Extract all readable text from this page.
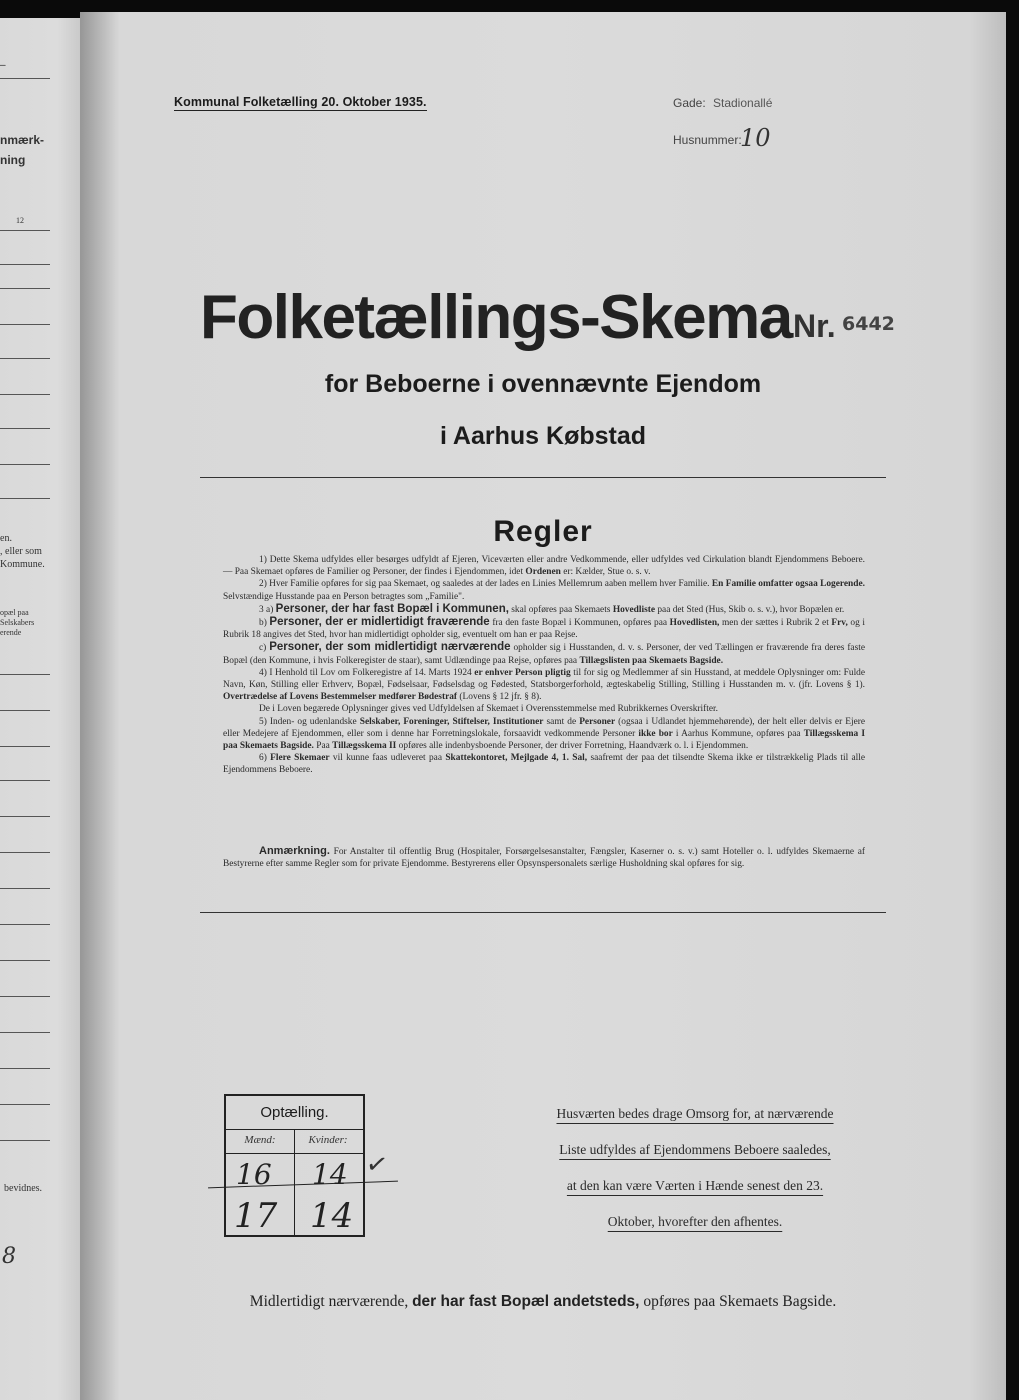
–
nmærk-
ning
12
en.
, eller som
Kommune.
opæl paa
Selskabers
erende
bevidnes.
8
Kommunal Folketælling 20. Oktober 1935.	Gade: Stadionallé
Husnummer:
10
Folketællings-Skema Nr. 6442
for Beboerne i ovennævnte Ejendom
i Aarhus Købstad
Regler

1) Dette Skema udfyldes eller besørges udfyldt af Ejeren, Viceværten eller andre Vedkommende, eller udfyldes ved Cirkulation blandt Ejendommens Beboere. — Paa Skemaet opføres de Familier og Personer, der findes i Ejendommen, idet Ordenen er: Kælder, Stue o. s. v.

2) Hver Familie opføres for sig paa Skemaet, og saaledes at der lades en Linies Mellemrum aaben mellem hver Familie. En Familie omfatter ogsaa Logerende. Selvstændige Husstande paa en Person betragtes som „Familie".

3 a) Personer, der har fast Bopæl i Kommunen, skal opføres paa Skemaets Hovedliste paa det Sted (Hus, Skib o. s. v.), hvor Bopælen er.

b) Personer, der er midlertidigt fraværende fra den faste Bopæl i Kommunen, opføres paa Hovedlisten, men der sættes i Rubrik 2 et Frv, og i Rubrik 18 angives det Sted, hvor han midlertidigt opholder sig, eventuelt om han er paa Rejse.

c) Personer, der som midlertidigt nærværende opholder sig i Husstanden, d. v. s. Personer, der ved Tællingen er fraværende fra deres faste Bopæl (den Kommune, i hvis Folkeregister de staar), samt Udlændinge paa Rejse, opføres paa Tillægslisten paa Skemaets Bagside.

4) I Henhold til Lov om Folkeregistre af 14. Marts 1924 er enhver Person pligtig til for sig og Medlemmer af sin Husstand, at meddele Oplysninger om: Fulde Navn, Køn, Stilling eller Erhverv, Bopæl, Fødselsaar, Fødselsdag og Fødested, Statsborgerforhold, ægteskabelig Stilling, Stilling i Husstanden m. v. (jfr. Lovens § 1). Overtrædelse af Lovens Bestemmelser medfører Bødestraf (Lovens § 12 jfr. § 8).

De i Loven begærede Oplysninger gives ved Udfyldelsen af Skemaet i Overensstemmelse med Rubrikkernes Overskrifter.

5) Inden- og udenlandske Selskaber, Foreninger, Stiftelser, Institutioner samt de Personer (ogsaa i Udlandet hjemmehørende), der helt eller delvis er Ejere eller Medejere af Ejendommen, eller som i denne har Forretningslokale, forsaavidt vedkommende Personer ikke bor i Aarhus Kommune, opføres paa Tillægsskema I paa Skemaets Bagside. Paa Tillægsskema II opføres alle indenbysboende Personer, der driver Forretning, Haandværk o. l. i Ejendommen.

6) Flere Skemaer vil kunne faas udleveret paa Skattekontoret, Mejlgade 4, 1. Sal, saafremt der paa det tilsendte Skema ikke er tilstrækkelig Plads til alle Ejendommens Beboere.

Anmærkning. For Anstalter til offentlig Brug (Hospitaler, Forsørgelsesanstalter, Fængsler, Kaserner o. s. v.) samt Hoteller o. l. udfyldes Skemaerne af Bestyrerne efter samme Regler som for private Ejendomme. Bestyrerens eller Opsynspersonalets særlige Husholdning skal opføres for sig.

Optælling.
Mænd:	Kvinder:
16 14
17 14
✓
Husværten bedes drage Omsorg for, at nærværende
Liste udfyldes af Ejendommens Beboere saaledes,
at den kan være Værten i Hænde senest den 23.
Oktober, hvorefter den afhentes.
Midlertidigt nærværende, der har fast Bopæl andetsteds, opføres paa Skemaets Bagside.
